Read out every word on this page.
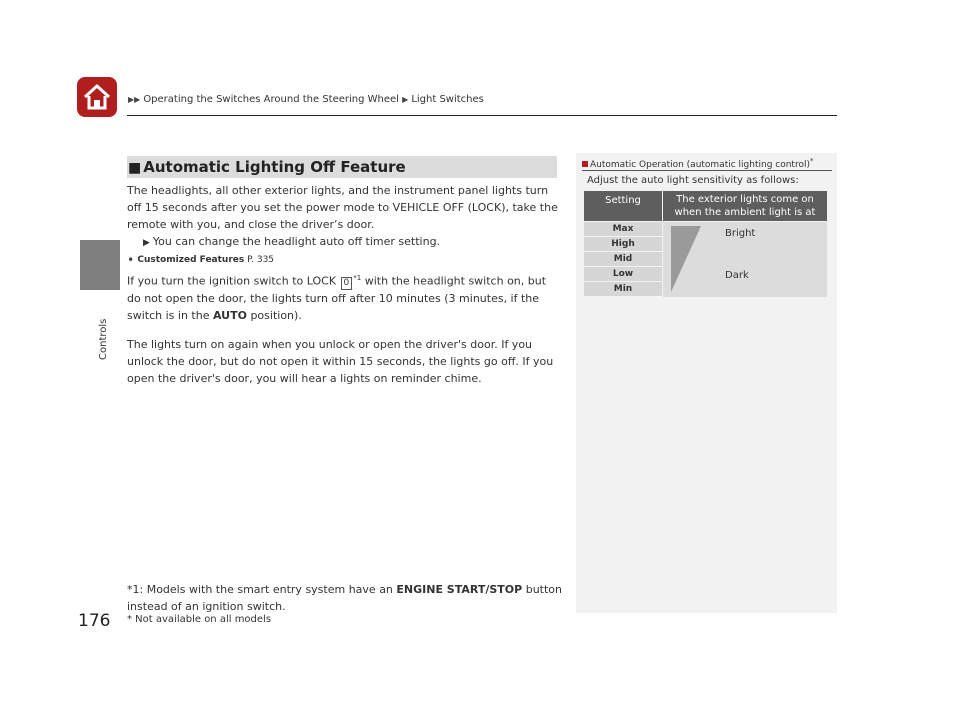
▶▶ Operating the Switches Around the Steering Wheel ▶ Light Switches
Controls
176
■ Automatic Lighting Off Feature
The headlights, all other exterior lights, and the instrument panel lights turn off 15 seconds after you set the power mode to VEHICLE OFF (LOCK), take the remote with you, and close the driver’s door.
▶ You can change the headlight auto off timer setting.
➧ Customized Features P. 335
If you turn the ignition switch to LOCK 0 $^{*1}$ with the headlight switch on, but do not open the door, the lights turn off after 10 minutes (3 minutes, if the switch is in the AUTO position).
The lights turn on again when you unlock or open the driver's door. If you unlock the door, but do not open it within 15 seconds, the lights go off. If you open the driver's door, you will hear a lights on reminder chime.
*1: Models with the smart entry system have an ENGINE START/STOP button instead of an ignition switch.
* Not available on all models
Automatic Operation (automatic lighting control)*
Adjust the auto light sensitivity as follows:
Setting	The exterior lights come on
when the ambient light is at
Max
High
Mid
Low
Min
Bright
Dark
